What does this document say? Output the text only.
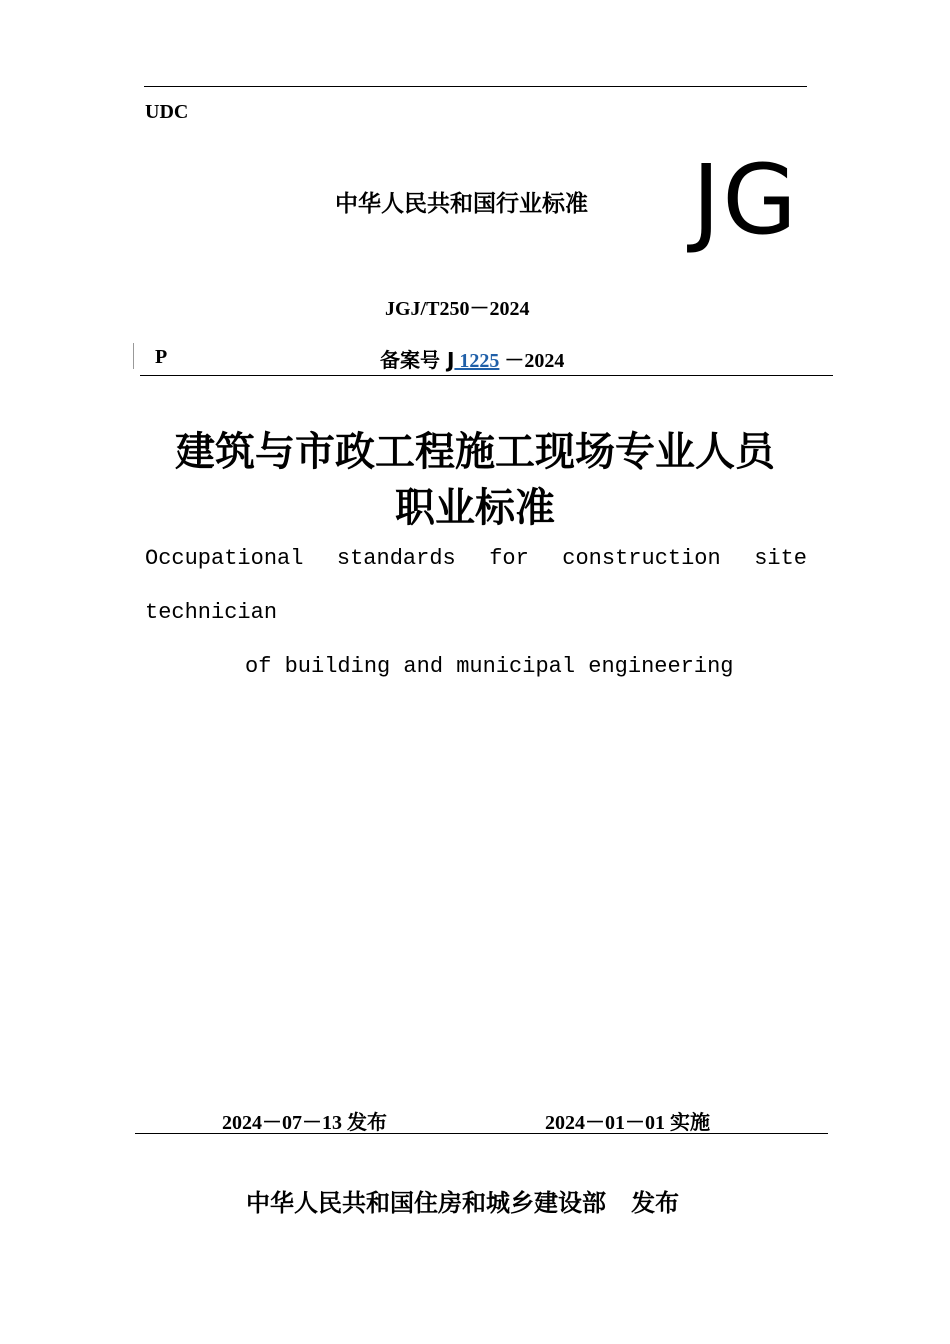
UDC
中华人民共和国行业标准	JG
JGJ/T250－2024
P	备案号 J 1225 －2024
建筑与市政工程施工现场专业人员
职业标准
Occupational standards for construction site
technician
of building and municipal engineering
2024－07－13 发布	2024－01－01 实施
中华人民共和国住房和城乡建设部   发布
